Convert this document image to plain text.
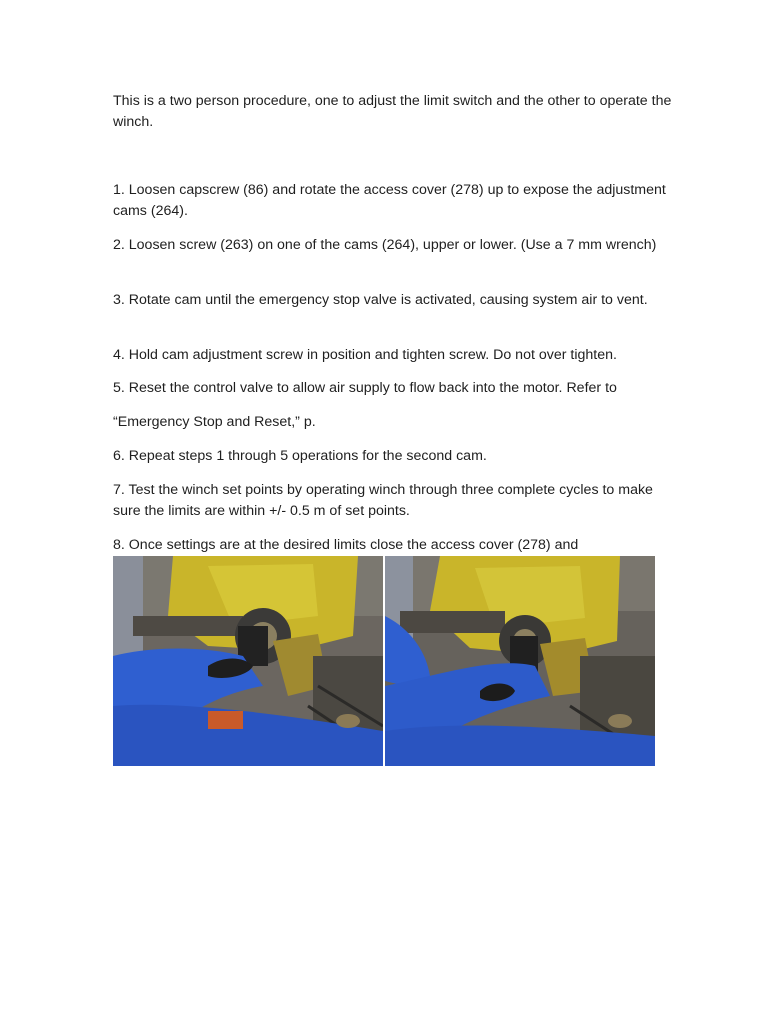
This is a two person procedure, one to adjust the limit switch and the other to operate the winch.

1. Loosen capscrew (86) and rotate the access cover (278) up to expose the adjustment cams (264).

2. Loosen screw (263) on one of the cams (264), upper or lower. (Use a 7 mm wrench)

3. Rotate cam until the emergency stop valve is activated, causing system air to vent.

4. Hold cam adjustment screw in position and tighten screw. Do not over tighten.

5. Reset the control valve to allow air supply to flow back into the motor. Refer to

“Emergency Stop and Reset,” p.

6. Repeat steps 1 through 5 operations for the second cam.

7. Test the winch set points by operating winch through three complete cycles to make sure the limits are within +/- 0.5 m of set points.

8. Once settings are at the desired limits close the access cover (278) and
